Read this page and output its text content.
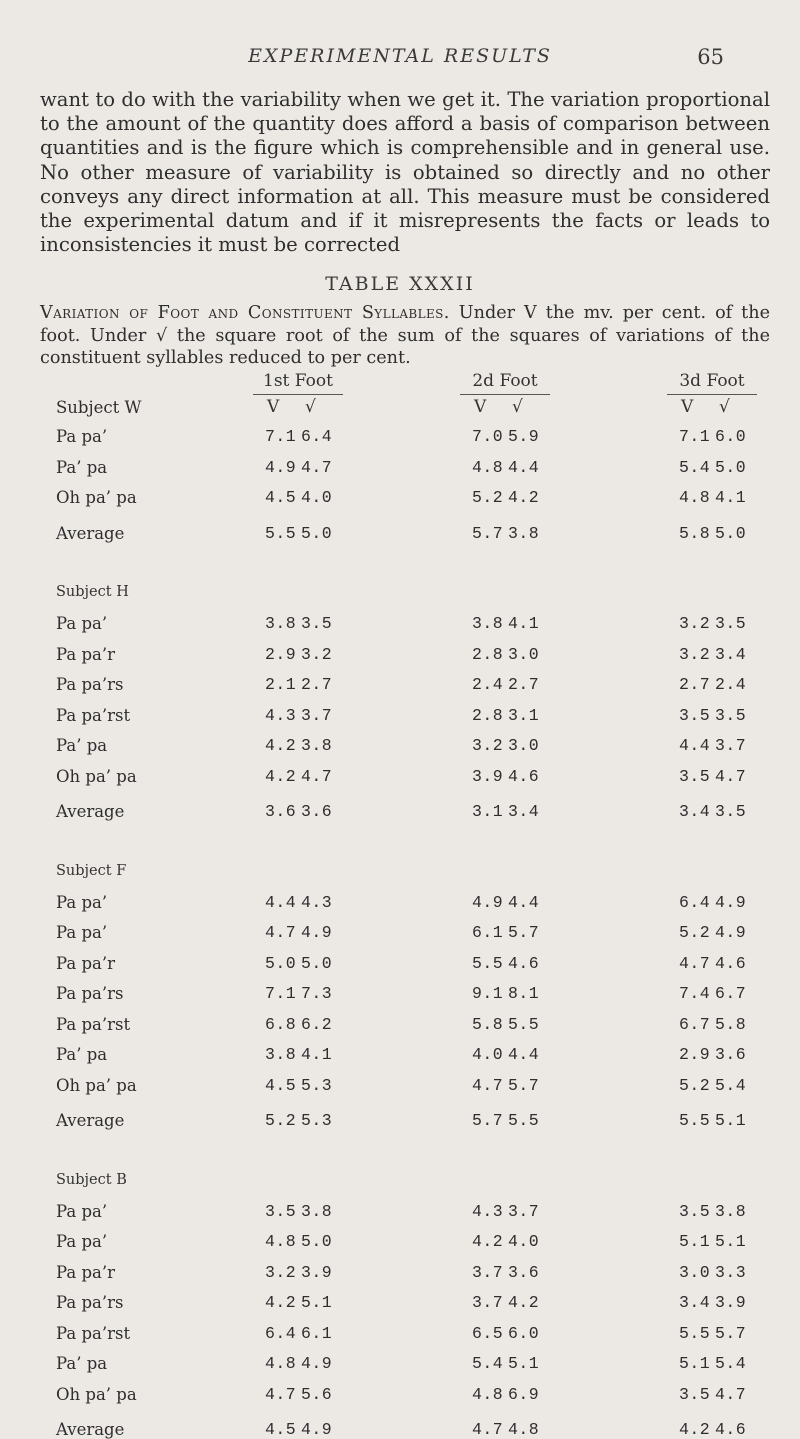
EXPERIMENTAL RESULTS	65

want to do with the variability when we get it. The variation proportional to the amount of the quantity does afford a basis of comparison between quantities and is the figure which is comprehensible and in general use. No other measure of variability is obtained so directly and no other conveys any direct information at all. This measure must be considered the experimental datum and if it misrepresents the facts or leads to inconsistencies it must be corrected

TABLE XXXII
Variation of Foot and Constituent Syllables. Under V the mv. per cent. of the foot. Under √ the square root of the sum of the squares of variations of the constituent syllables reduced to per cent.
1st Foot	2d Foot	3d Foot
Subject W	V √	V √	V √
Pa pa’	7.1 6.4	7.0 5.9	7.1 6.0
Pa’ pa	4.9 4.7	4.8 4.4	5.4 5.0
Oh pa’ pa	4.5 4.0	5.2 4.2	4.8 4.1
Average	5.5 5.0	5.7 3.8	5.8 5.0
Subject H
Pa pa’	3.8 3.5	3.8 4.1	3.2 3.5
Pa pa’r	2.9 3.2	2.8 3.0	3.2 3.4
Pa pa’rs	2.1 2.7	2.4 2.7	2.7 2.4
Pa pa’rst	4.3 3.7	2.8 3.1	3.5 3.5
Pa’ pa	4.2 3.8	3.2 3.0	4.4 3.7
Oh pa’ pa	4.2 4.7	3.9 4.6	3.5 4.7
Average	3.6 3.6	3.1 3.4	3.4 3.5
Subject F
Pa pa’	4.4 4.3	4.9 4.4	6.4 4.9
Pa pa’	4.7 4.9	6.1 5.7	5.2 4.9
Pa pa’r	5.0 5.0	5.5 4.6	4.7 4.6
Pa pa’rs	7.1 7.3	9.1 8.1	7.4 6.7
Pa pa’rst	6.8 6.2	5.8 5.5	6.7 5.8
Pa’ pa	3.8 4.1	4.0 4.4	2.9 3.6
Oh pa’ pa	4.5 5.3	4.7 5.7	5.2 5.4
Average	5.2 5.3	5.7 5.5	5.5 5.1
Subject B
Pa pa’	3.5 3.8	4.3 3.7	3.5 3.8
Pa pa’	4.8 5.0	4.2 4.0	5.1 5.1
Pa pa’r	3.2 3.9	3.7 3.6	3.0 3.3
Pa pa’rs	4.2 5.1	3.7 4.2	3.4 3.9
Pa pa’rst	6.4 6.1	6.5 6.0	5.5 5.7
Pa’ pa	4.8 4.9	5.4 5.1	5.1 5.4
Oh pa’ pa	4.7 5.6	4.8 6.9	3.5 4.7
Average	4.5 4.9	4.7 4.8	4.2 4.6
